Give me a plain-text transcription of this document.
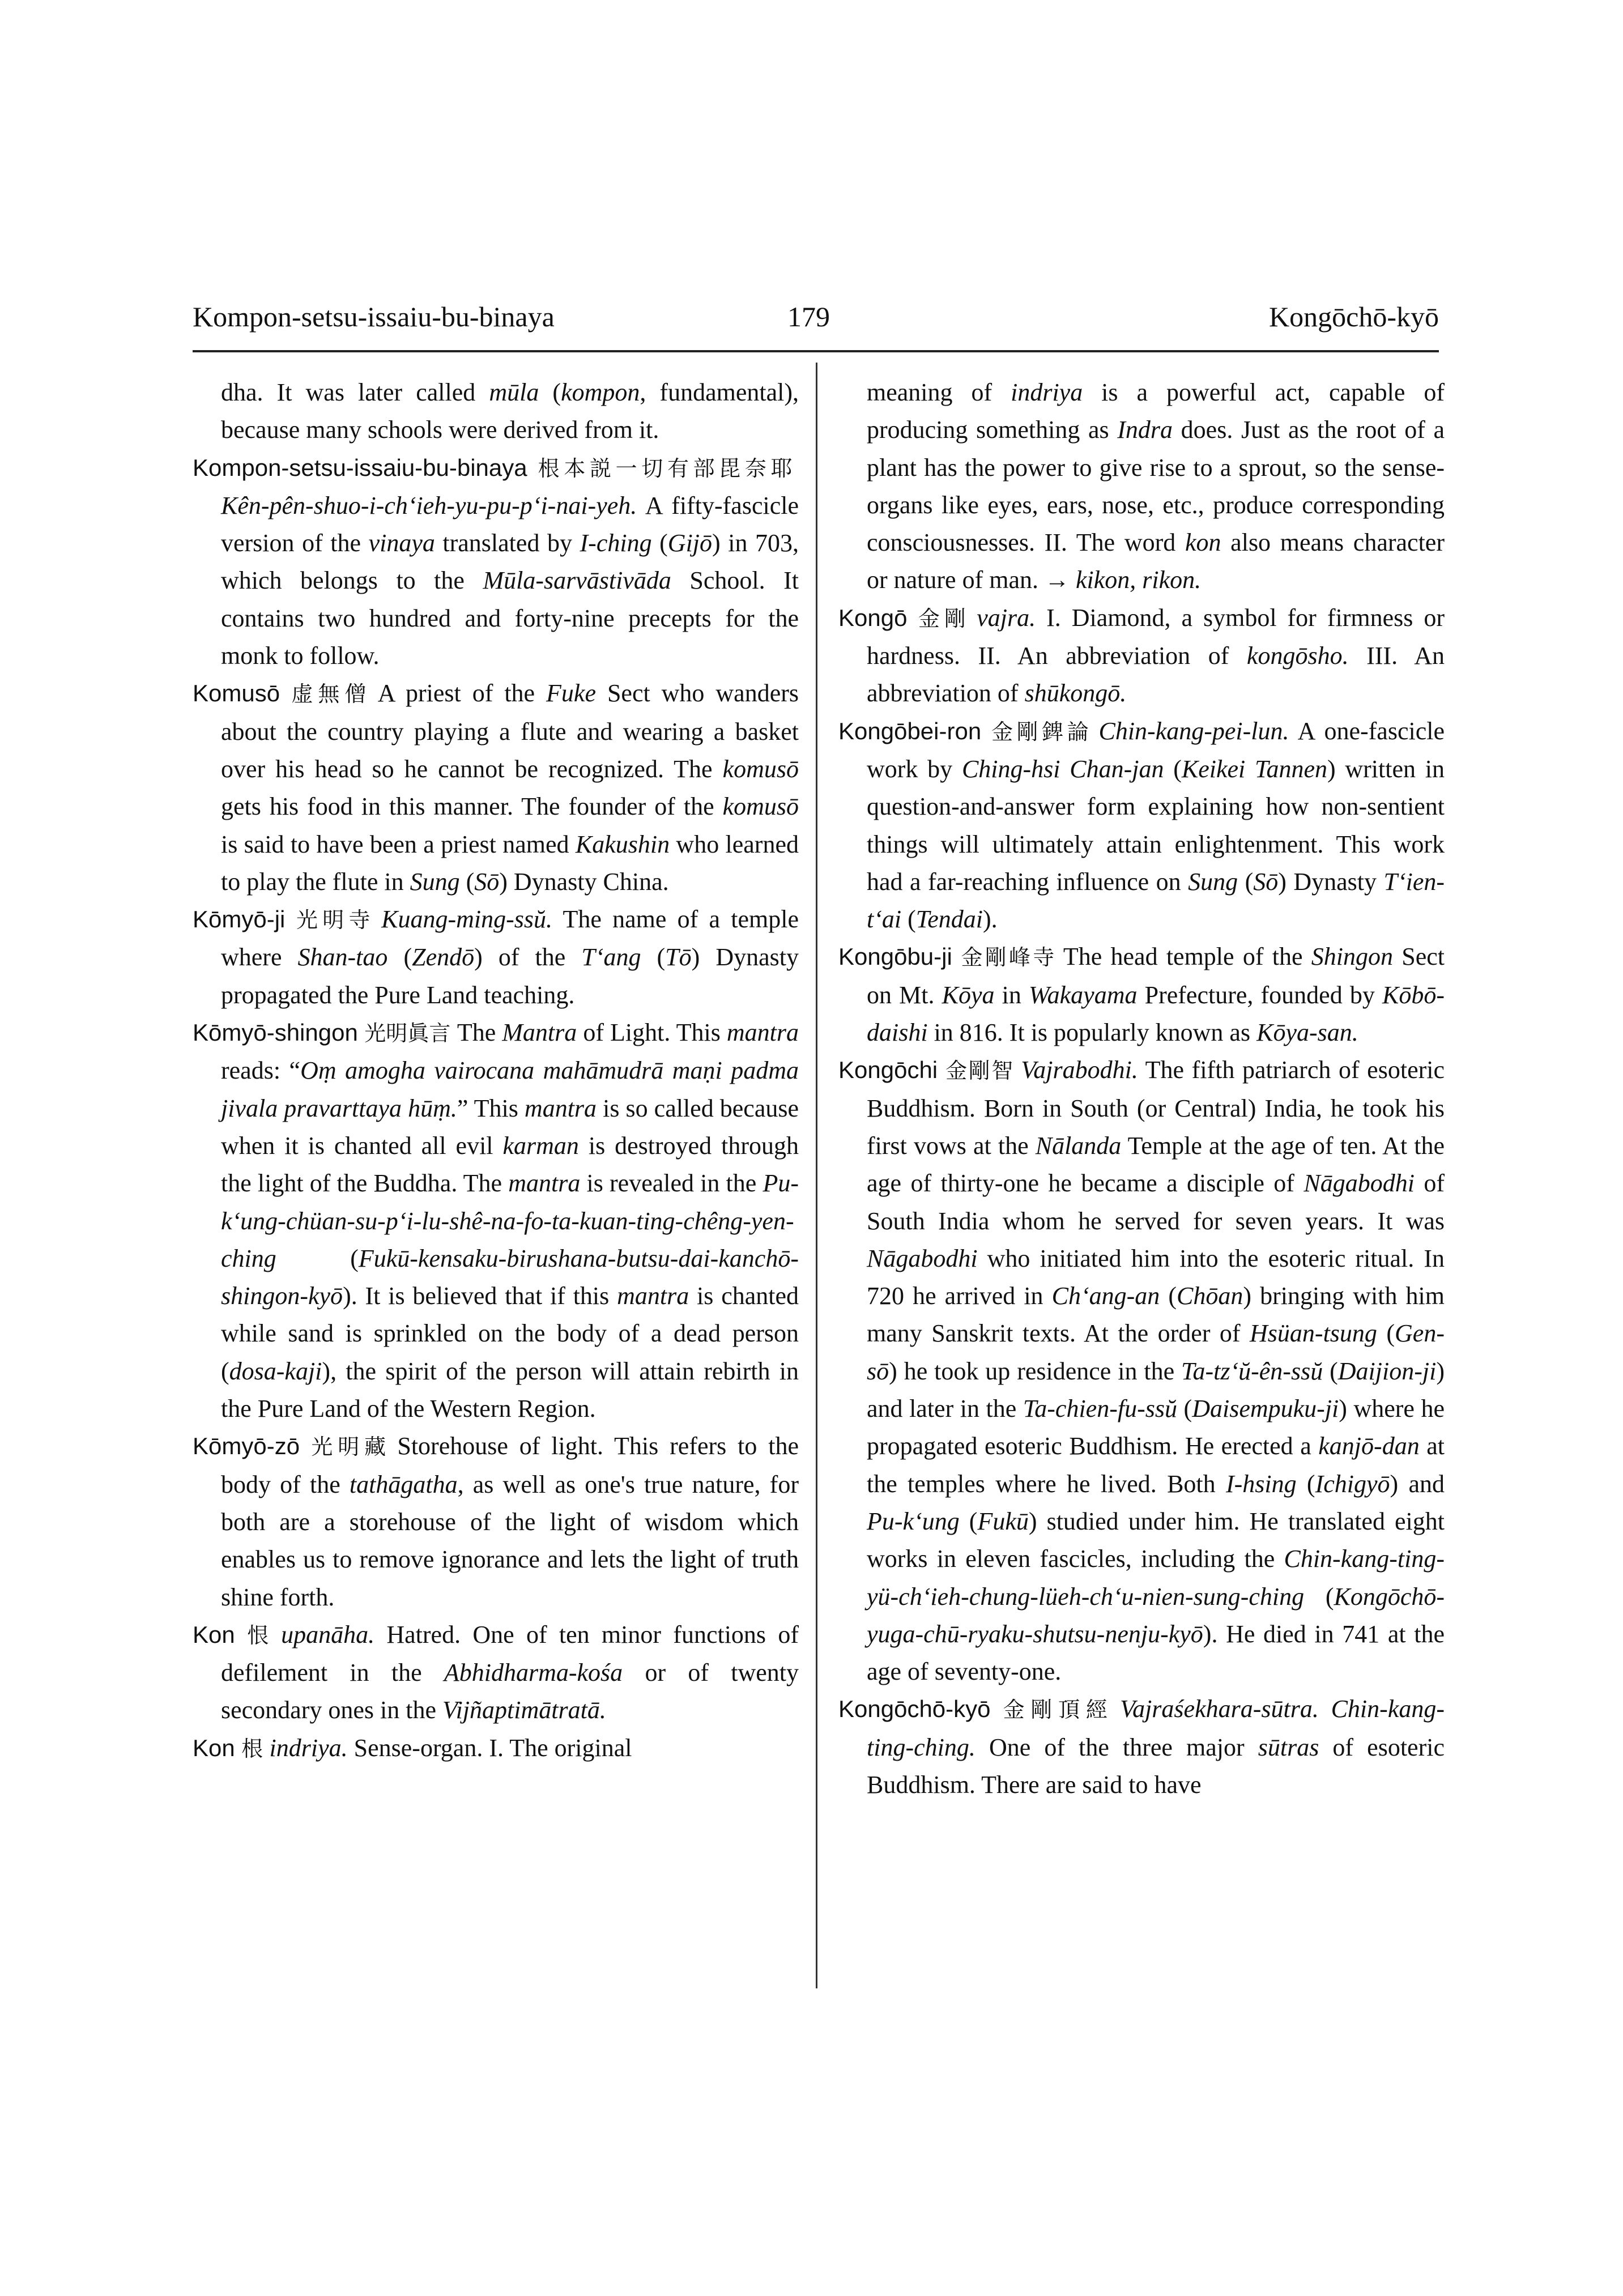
Kompon-setsu-issaiu-bu-binaya	179	Kongōchō-kyō

dha. It was later called mūla (kompon, fundamental), because many schools were derived from it.

Kompon-setsu-issaiu-bu-binaya 根本説一切有部毘奈耶Kên-pên-shuo-i-ch‘ieh-yu-pu-p‘i-nai-yeh. A fifty-fascicle version of the vinaya translated by I-ching (Gijō) in 703, which belongs to the Mūla-sarvāstivāda School. It contains two hundred and forty-nine precepts for the monk to follow.

Komusō 虚無僧 A priest of the Fuke Sect who wanders about the country playing a flute and wearing a basket over his head so he cannot be recognized. The komusō gets his food in this manner. The founder of the komusō is said to have been a priest named Kakushin who learned to play the flute in Sung (Sō) Dynasty China.

Kōmyō-ji 光明寺 Kuang-ming-ssŭ. The name of a temple where Shan-tao (Zendō) of the T‘ang (Tō) Dynasty propagated the Pure Land teaching.

Kōmyō-shingon 光明眞言 The Mantra of Light. This mantra reads: “Oṃ amogha vairocana mahāmudrā maṇi padma jivala pravarttaya hūṃ.” This mantra is so called because when it is chanted all evil karman is destroyed through the light of the Buddha. The mantra is revealed in the Pu-k‘ung-chüan-su-p‘i-lu-shê-na-fo-ta-kuan-ting-chêng-yen-ching (Fukū-kensaku-birushana-butsu-dai-kanchō-shingon-kyō). It is believed that if this mantra is chanted while sand is sprinkled on the body of a dead person (dosa-kaji), the spirit of the person will attain rebirth in the Pure Land of the Western Region.

Kōmyō-zō 光明藏 Storehouse of light. This refers to the body of the tathāgatha, as well as one's true nature, for both are a storehouse of the light of wisdom which enables us to remove ignorance and lets the light of truth shine forth.

Kon 恨 upanāha. Hatred. One of ten minor functions of defilement in the Abhidharma-kośa or of twenty secondary ones in the Vijñaptimātratā.

Kon 根 indriya. Sense-organ. I. The original

meaning of indriya is a powerful act, capable of producing something as Indra does. Just as the root of a plant has the power to give rise to a sprout, so the sense-organs like eyes, ears, nose, etc., produce corresponding consciousnesses. II. The word kon also means character or nature of man. → kikon, rikon.

Kongō 金剛 vajra. I. Diamond, a symbol for firmness or hardness. II. An abbreviation of kongōsho. III. An abbreviation of shūkongō.

Kongōbei-ron 金剛錍論 Chin-kang-pei-lun. A one-fascicle work by Ching-hsi Chan-jan (Keikei Tannen) written in question-and-answer form explaining how non-sentient things will ultimately attain enlightenment. This work had a far-reaching influence on Sung (Sō) Dynasty T‘ien-t‘ai (Tendai).

Kongōbu-ji 金剛峰寺 The head temple of the Shingon Sect on Mt. Kōya in Wakayama Prefecture, founded by Kōbō-daishi in 816. It is popularly known as Kōya-san.

Kongōchi 金剛智 Vajrabodhi. The fifth patriarch of esoteric Buddhism. Born in South (or Central) India, he took his first vows at the Nālanda Temple at the age of ten. At the age of thirty-one he became a disciple of Nāgabodhi of South India whom he served for seven years. It was Nāgabodhi who initiated him into the esoteric ritual. In 720 he arrived in Ch‘ang-an (Chōan) bringing with him many Sanskrit texts. At the order of Hsüan-tsung (Gen-sō) he took up residence in the Ta-tz‘ŭ-ên-ssŭ (Daijion-ji) and later in the Ta-chien-fu-ssŭ (Daisempuku-ji) where he propagated esoteric Buddhism. He erected a kanjō-dan at the temples where he lived. Both I-hsing (Ichigyō) and Pu-k‘ung (Fukū) studied under him. He translated eight works in eleven fascicles, including the Chin-kang-ting-yü-ch‘ieh-chung-lüeh-ch‘u-nien-sung-ching (Kongōchō-yuga-chū-ryaku-shutsu-nenju-kyō). He died in 741 at the age of seventy-one.

Kongōchō-kyō 金剛頂經 Vajraśekhara-sūtra. Chin-kang-ting-ching. One of the three major sūtras of esoteric Buddhism. There are said to have
